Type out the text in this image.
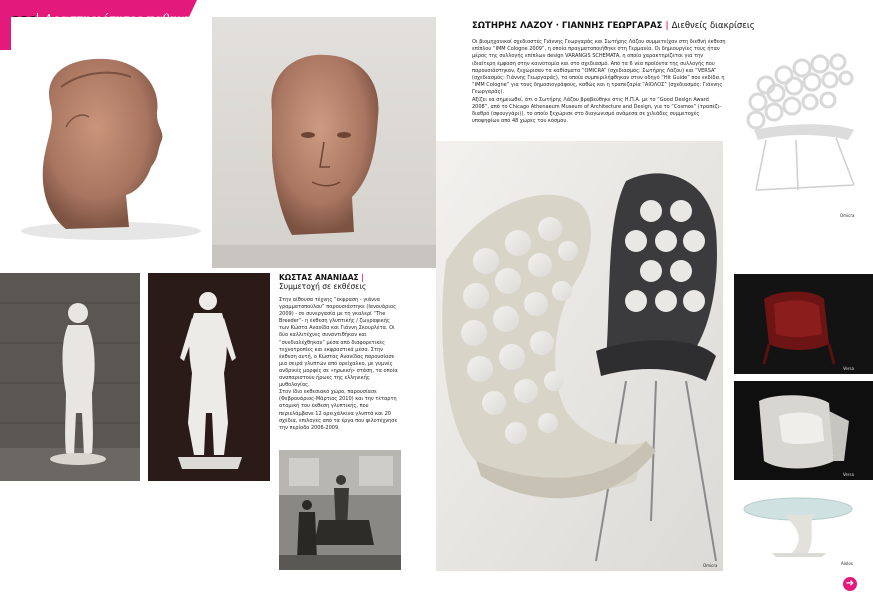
Omicra
Versa
Versa
Aiolos
Omicra
ΣΩΤΗΡΗΣ ΛΑΖΟΥ · ΓΙΑΝΝΗΣ ΓΕΩΡΓΑΡΑΣ | Διεθνείς διακρίσεις
Οι βιομηχανικοί σχεδιαστές Γιάννης Γεωργαράς και Σωτήρης Λάζου συμμετείχαν στη διεθνή έκθεση επίπλου “IMM Cologne 2009”, η οποία πραγματοποιήθηκε στη Γερμανία. Οι δημιουργίες τους ήταν μέρος της συλλογής επίπλων design VARANGIS SCHEMATA, η οποία χαρακτηρίζεται για την ιδιαίτερη έμφαση στην καινοτομία και στο σχεδιασμό. Από τα 6 νέα προϊόντα της συλλογής που παρουσιάστηκαν, ξεχώρισαν τα καθίσματα “OMICRA” (σχεδιασμός: Σωτήρης Λάζου) και “VERSA” (σχεδιασμός: Γιάννης Γεωργαράς), τα οποία συμπεριλήφθηκαν στον οδηγό “Hit Guide” που εκδίδει η “IMM Cologne” για τους δημοσιογράφους, καθώς και η τραπεζαρία “ΑΙΟΛΟΣ” (σχεδιασμός: Γιάννης Γεωργαράς).
Αξίζει να σημειωθεί, ότι ο Σωτήρης Λάζου βραβεύθηκε στις Η.Π.Α. με το “Good Design Award 2008”, από το Chicago Athenaeum Museum of Architecture and Design, για το “Cosmos” (τραπέζι-διαθρό (σφουγγάρι)), το οποίο ξεχώρισε στο διαγωνισμό ανάμεσα σε χιλιάδες συμμετοχές υποψηφίων από 48 χώρες του κόσμου.
ΚΩΣΤΑΣ ΑΝΑΝΙΔΑΣ |
Συμμετοχή σε εκθέσεις
Στην αίθουσα τέχνης “έκφραση - γιάννα γραμματοπούλου” παρουσιάστηκε (Ιανουάριος 2009) - σε συνεργασία με τη γκαλερί “The Breeder”- η έκθεση γλυπτικής / ζωγραφικής των Κώστα Ανανίδα και Γιάννη Σκουρλέτα. Οι δύο καλλιτέχνες συναντιθήκαν και “συνδιαλέχθηκαν” μέσα από διαφορετικές τεχνοτροπίες και εκφραστικά μέσα. Στην έκθεση αυτή, ο Κώστας Ανανίδας παρουσίασε μια σειρά γλυπτών από ορείχαλκο, με γυμνές ανδρικές μορφές σε «ηρωική» στάση, τα οποία αναπαριστούν ήρωες της ελληνικής μυθολογίας.
Στον ίδιο εκθεσιακό χώρο, παρουσίασε (Φεβρουάριος-Μάρτιος 2010) και την τέταρτη ατομική του έκθεση γλυπτικής, που περιελάμβανε 12 ορειχάλκινα γλυπτά και 20 σχέδια, επιλογές από τα έργα που φιλοτέχνησε την περίοδο 2006-2009.
➜
